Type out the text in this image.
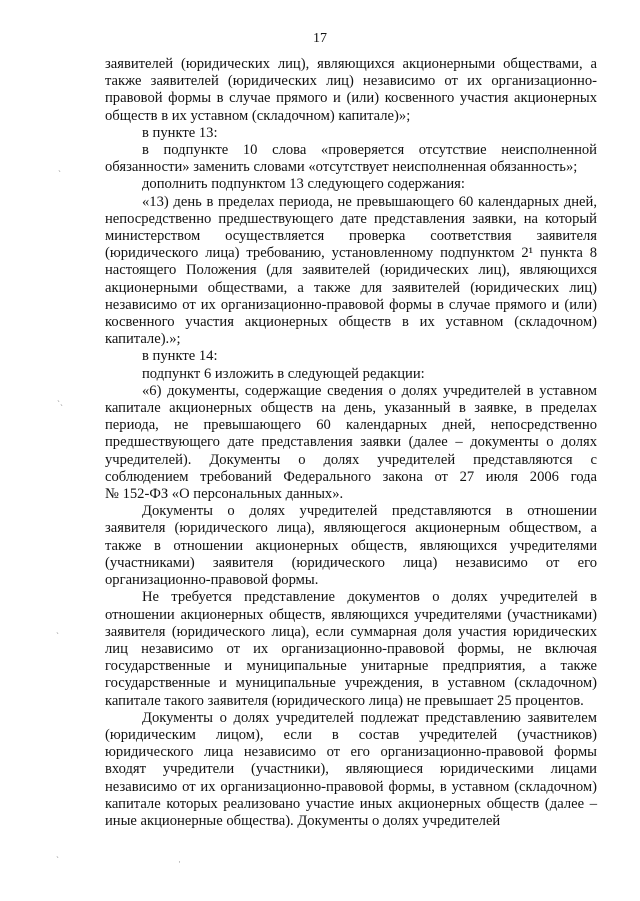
17

заявителей (юридических лиц), являющихся акционерными обществами, а

также заявителей (юридических лиц) независимо от их организационно-

правовой формы в случае прямого и (или) косвенного участия акционерных

обществ в их уставном (складочном) капитале)»;

в пункте 13:

в подпункте 10 слова «проверяется отсутствие неисполненной

обязанности» заменить словами «отсутствует неисполненная обязанность»;

дополнить подпунктом 13 следующего содержания:

«13) день в пределах периода, не превышающего 60 календарных дней,

непосредственно предшествующего дате представления заявки, на который

министерством осуществляется проверка соответствия заявителя

(юридического лица) требованию, установленному подпунктом 2¹ пункта 8

настоящего Положения (для заявителей (юридических лиц), являющихся

акционерными обществами, а также для заявителей (юридических лиц)

независимо от их организационно-правовой формы в случае прямого и (или)

косвенного участия акционерных обществ в их уставном (складочном)

капитале).»;

в пункте 14:

подпункт 6 изложить в следующей редакции:

«6) документы, содержащие сведения о долях учредителей в уставном

капитале акционерных обществ на день, указанный в заявке, в пределах

периода, не превышающего 60 календарных дней, непосредственно

предшествующего дате представления заявки (далее – документы о долях

учредителей). Документы о долях учредителей представляются с

соблюдением требований Федерального закона от 27 июля 2006 года

№ 152-ФЗ «О персональных данных».

Документы о долях учредителей представляются в отношении

заявителя (юридического лица), являющегося акционерным обществом, а

также в отношении акционерных обществ, являющихся учредителями

(участниками) заявителя (юридического лица) независимо от его

организационно-правовой формы.

Не требуется представление документов о долях учредителей в

отношении акционерных обществ, являющихся учредителями (участниками)

заявителя (юридического лица), если суммарная доля участия юридических

лиц независимо от их организационно-правовой формы, не включая

государственные и муниципальные унитарные предприятия, а также

государственные и муниципальные учреждения, в уставном (складочном)

капитале такого заявителя (юридического лица) не превышает 25 процентов.

Документы о долях учредителей подлежат представлению заявителем

(юридическим лицом), если в состав учредителей (участников)

юридического лица независимо от его организационно-правовой формы

входят учредители (участники), являющиеся юридическими лицами

независимо от их организационно-правовой формы, в уставном (складочном)

капитале которых реализовано участие иных акционерных обществ (далее –

иные акционерные общества). Документы о долях учредителей

ˋ
ˋ˴
˴
˴
·
